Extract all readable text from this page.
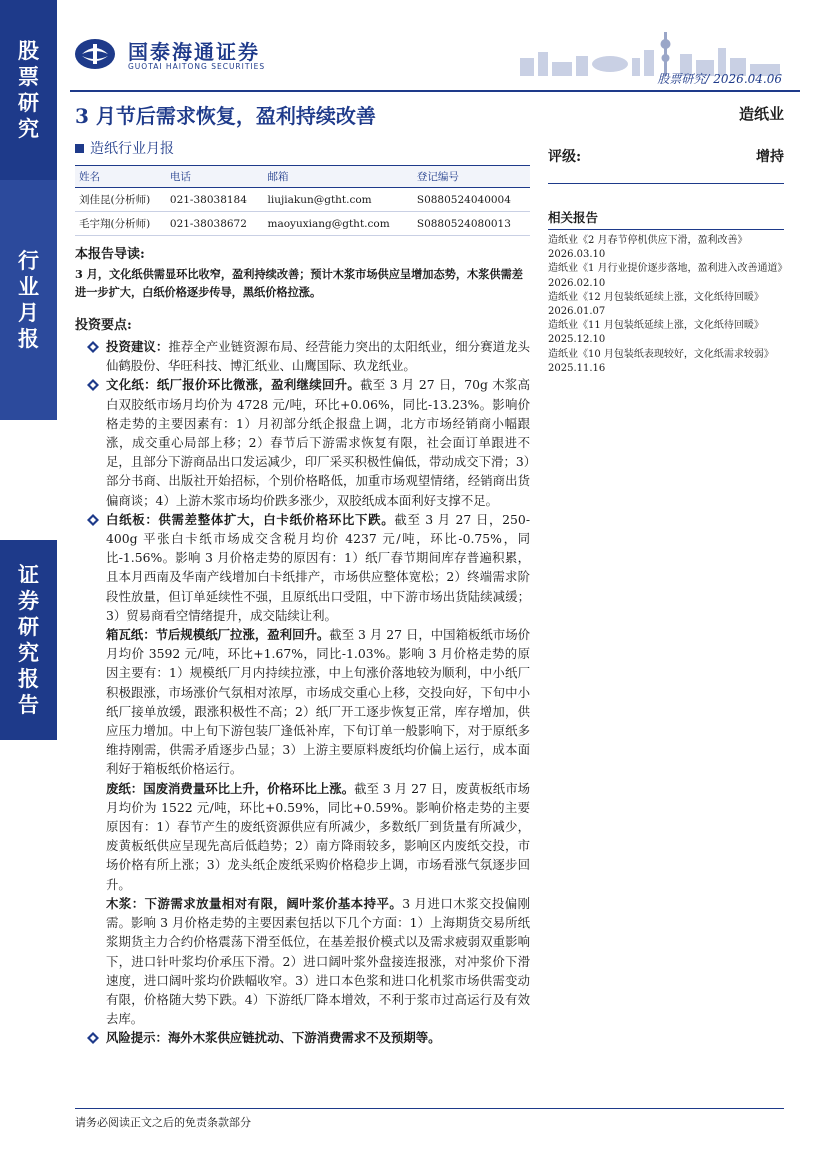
股
票
研
究
行
业
月
报
证
券
研
究
报
告
国泰海通证券
GUOTAI HAITONG SECURITIES
股票研究/ 2026.04.06
3 月节后需求恢复，盈利持续改善	造纸业
造纸行业月报
姓名	电话	邮箱	登记编号
刘佳昆(分析师)	021-38038184	liujiakun@gtht.com	S0880524040004
毛宇翔(分析师)	021-38038672	maoyuxiang@gtht.com	S0880524080013
评级:	增持
相关报告
造纸业《2 月春节停机供应下滑，盈利改善》2026.03.10
造纸业《1 月行业提价逐步落地，盈利进入改善通道》2026.02.10
造纸业《12 月包装纸延续上涨，文化纸待回暖》2026.01.07
造纸业《11 月包装纸延续上涨，文化纸待回暖》2025.12.10
造纸业《10 月包装纸表现较好，文化纸需求较弱》2025.11.16
本报告导读:
3 月，文化纸供需显环比收窄，盈利持续改善；预计木浆市场供应呈增加态势，木浆供需差进一步扩大，白纸价格逐步传导，黑纸价格拉涨。
投资要点:
投资建议：推荐全产业链资源布局、经营能力突出的太阳纸业，细分赛道龙头仙鹤股份、华旺科技、博汇纸业、山鹰国际、玖龙纸业。
文化纸：纸厂报价环比微涨，盈利继续回升。截至 3 月 27 日，70g 木浆高白双胶纸市场月均价为 4728 元/吨，环比+0.06%，同比-13.23%。影响价格走势的主要因素有：1）月初部分纸企报盘上调，北方市场经销商小幅跟涨，成交重心局部上移；2）春节后下游需求恢复有限，社会面订单跟进不足，且部分下游商品出口发运减少，印厂采买积极性偏低，带动成交下滑；3）部分书商、出版社开始招标，个别价格略低，加重市场观望情绪，经销商出货偏商谈；4）上游木浆市场均价跌多涨少，双胶纸成本面利好支撑不足。
白纸板：供需差整体扩大，白卡纸价格环比下跌。截至 3 月 27 日，250-400g 平张白卡纸市场成交含税月均价 4237 元/吨，环比-0.75%，同比-1.56%。影响 3 月价格走势的原因有：1）纸厂春节期间库存普遍积累，且本月西南及华南产线增加白卡纸排产，市场供应整体宽松；2）终端需求阶段性放量，但订单延续性不强，且原纸出口受阻，中下游市场出货陆续减缓；3）贸易商看空情绪提升，成交陆续让利。
箱瓦纸：节后规模纸厂拉涨，盈利回升。截至 3 月 27 日，中国箱板纸市场价月均价 3592 元/吨，环比+1.67%，同比-1.03%。影响 3 月价格走势的原因主要有：1）规模纸厂月内持续拉涨，中上旬涨价落地较为顺利，中小纸厂积极跟涨，市场涨价气氛相对浓厚，市场成交重心上移，交投向好，下旬中小纸厂接单放缓，跟涨积极性不高；2）纸厂开工逐步恢复正常，库存增加，供应压力增加。中上旬下游包装厂逢低补库，下旬订单一般影响下，对于原纸多维持刚需，供需矛盾逐步凸显；3）上游主要原料废纸均价偏上运行，成本面利好于箱板纸价格运行。
废纸：国废消费量环比上升，价格环比上涨。截至 3 月 27 日，废黄板纸市场月均价为 1522 元/吨，环比+0.59%，同比+0.59%。影响价格走势的主要原因有：1）春节产生的废纸资源供应有所减少，多数纸厂到货量有所减少，废黄板纸供应呈现先高后低趋势；2）南方降雨较多，影响区内废纸交投，市场价格有所上涨；3）龙头纸企废纸采购价格稳步上调，市场看涨气氛逐步回升。
木浆：下游需求放量相对有限，阔叶浆价基本持平。3 月进口木浆交投偏刚需。影响 3 月价格走势的主要因素包括以下几个方面：1）上海期货交易所纸浆期货主力合约价格震荡下滑至低位，在基差报价模式以及需求疲弱双重影响下，进口针叶浆均价承压下滑。2）进口阔叶浆外盘接连报涨，对冲浆价下滑速度，进口阔叶浆均价跌幅收窄。3）进口本色浆和进口化机浆市场供需变动有限，价格随大势下跌。4）下游纸厂降本增效，不利于浆市过高运行及有效去库。
风险提示：海外木浆供应链扰动、下游消费需求不及预期等。
请务必阅读正文之后的免责条款部分
